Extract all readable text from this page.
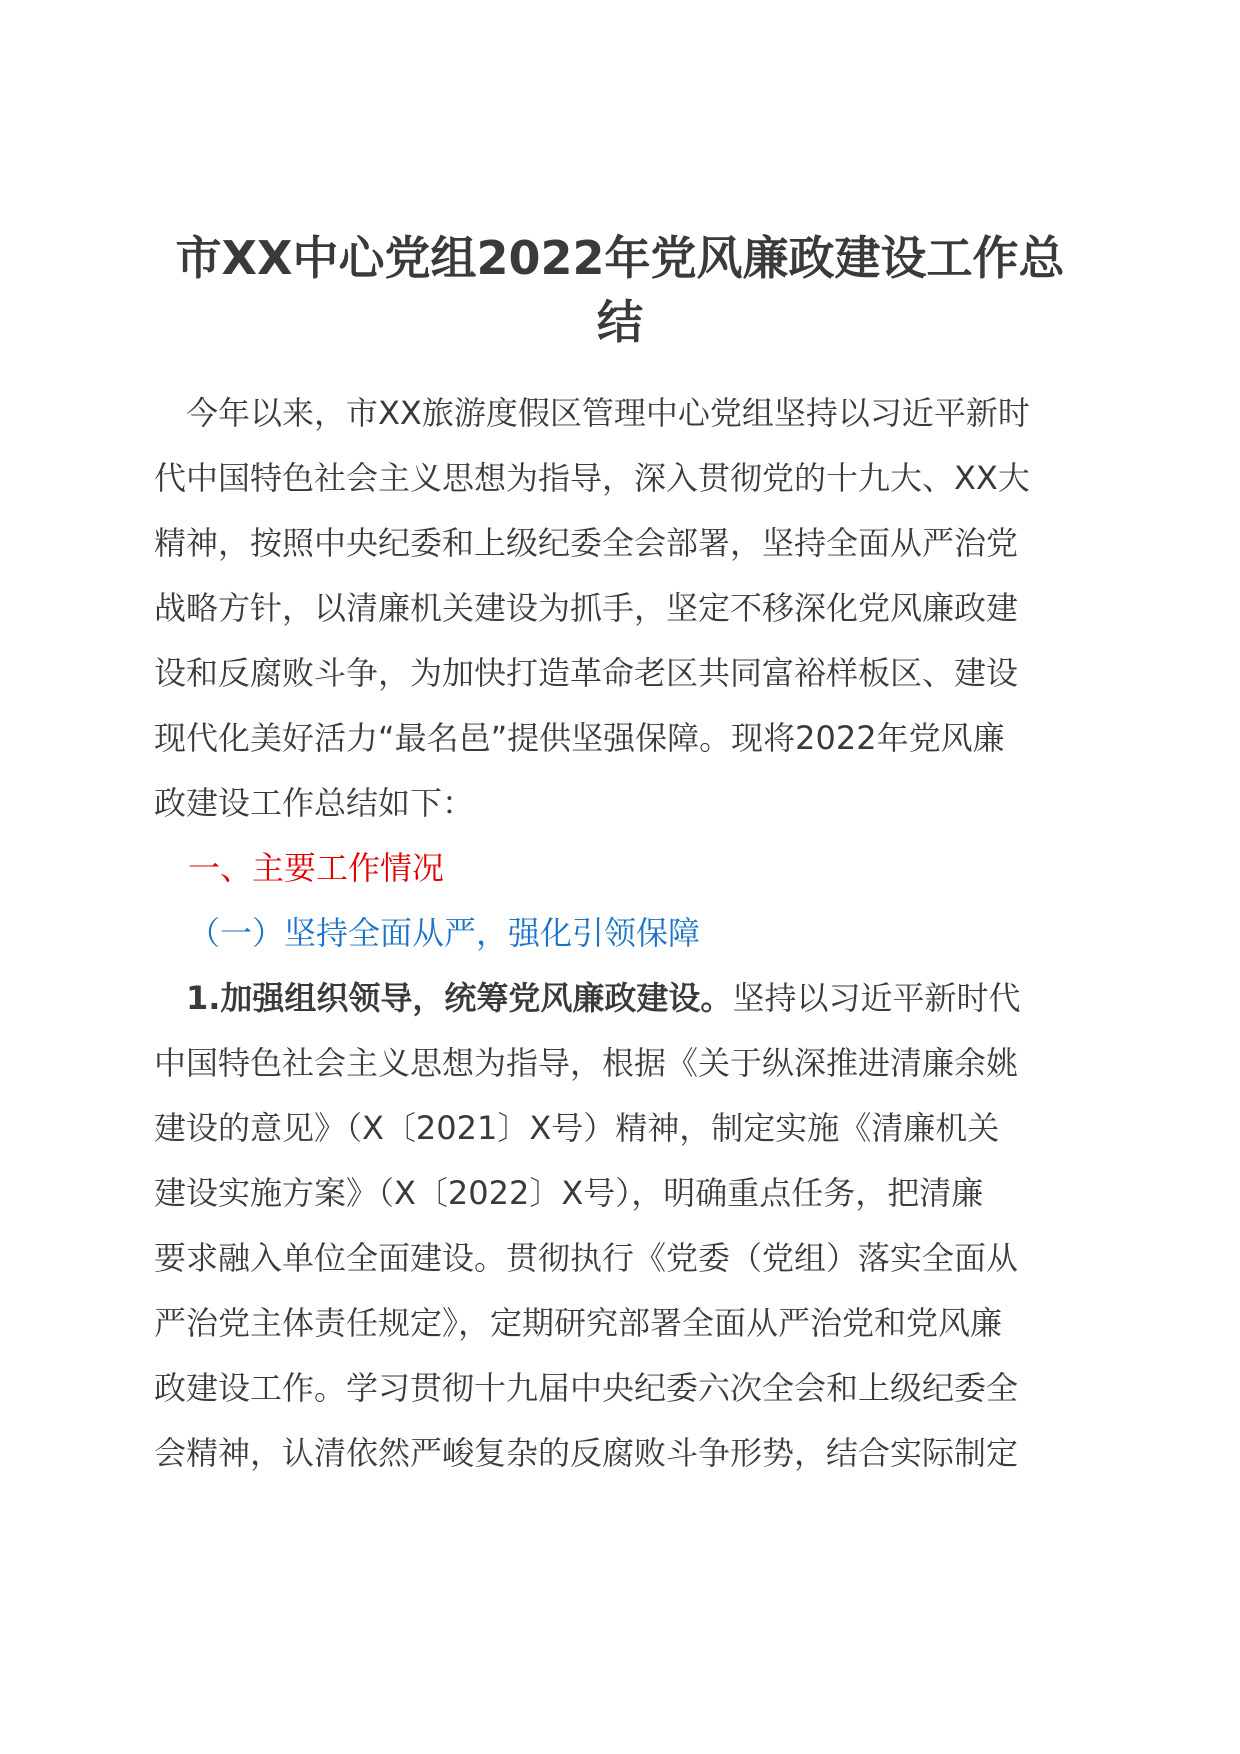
市XX中心党组2022年党风廉政建设工作总
结

今年以来，市XX旅游度假区管理中心党组坚持以习近平新时
代中国特色社会主义思想为指导，深入贯彻党的十九大、XX大
精神，按照中央纪委和上级纪委全会部署，坚持全面从严治党
战略方针，以清廉机关建设为抓手，坚定不移深化党风廉政建
设和反腐败斗争，为加快打造革命老区共同富裕样板区、建设
现代化美好活力“最名邑”提供坚强保障。现将2022年党风廉
政建设工作总结如下：

一、主要工作情况

（一）坚持全面从严，强化引领保障

1.加强组织领导，统筹党风廉政建设。坚持以习近平新时代
中国特色社会主义思想为指导，根据《关于纵深推进清廉余姚
建设的意见》（X〔2021〕X号）精神，制定实施《清廉机关
建设实施方案》（X〔2022〕X号），明确重点任务，把清廉
要求融入单位全面建设。贯彻执行《党委（党组）落实全面从
严治党主体责任规定》，定期研究部署全面从严治党和党风廉
政建设工作。学习贯彻十九届中央纪委六次全会和上级纪委全
会精神，认清依然严峻复杂的反腐败斗争形势，结合实际制定
